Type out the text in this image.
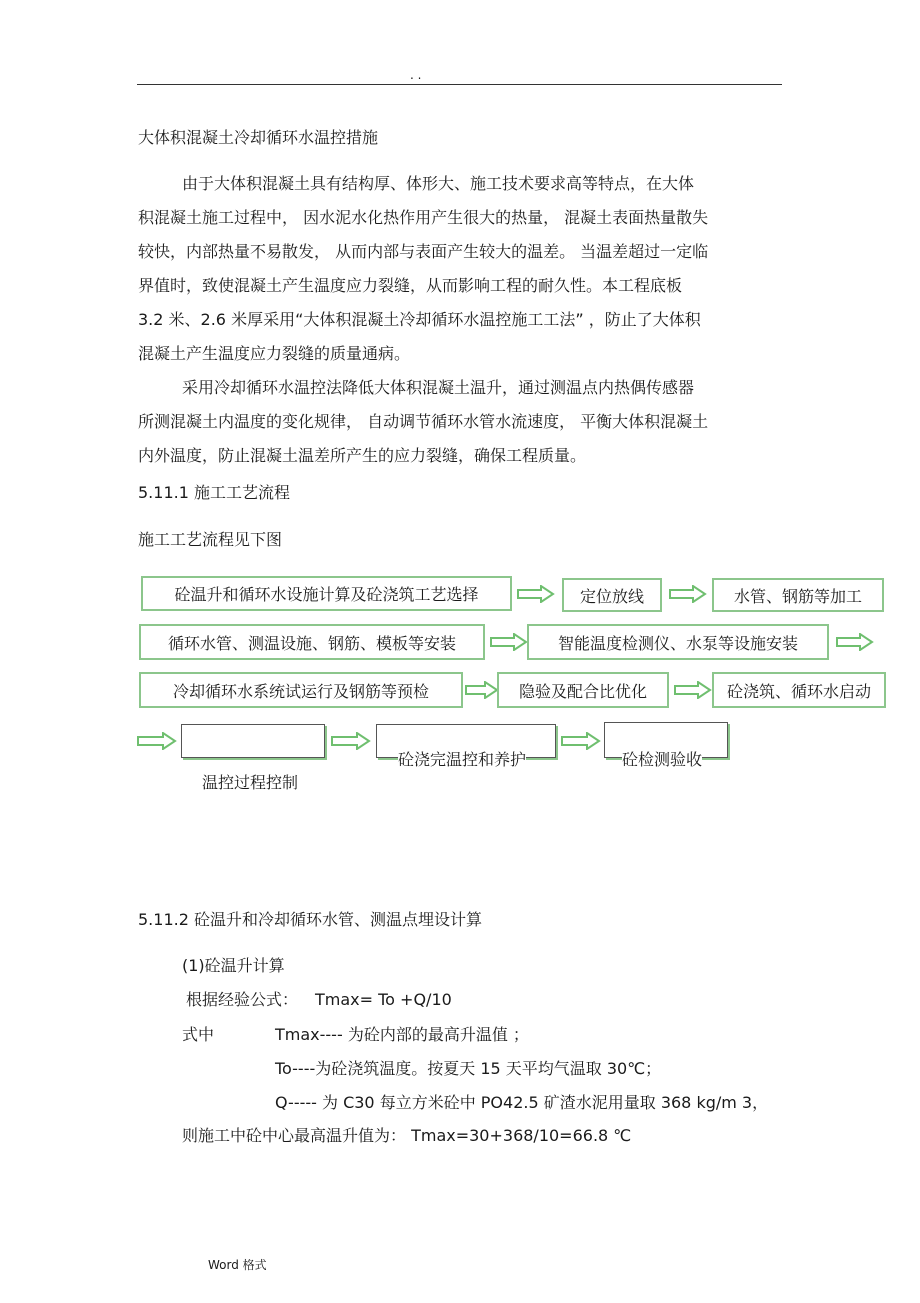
. .
大体积混凝土冷却循环水温控措施
由于大体积混凝土具有结构厚、体形大、施工技术要求高等特点，在大体
积混凝土施工过程中， 因水泥水化热作用产生很大的热量， 混凝土表面热量散失
较快，内部热量不易散发， 从而内部与表面产生较大的温差。 当温差超过一定临
界值时，致使混凝土产生温度应力裂缝，从而影响工程的耐久性。本工程底板
3.2 米、2.6 米厚采用“大体积混凝土冷却循环水温控施工工法” ，防止了大体积
混凝土产生温度应力裂缝的质量通病。
采用冷却循环水温控法降低大体积混凝土温升，通过测温点内热偶传感器
所测混凝土内温度的变化规律， 自动调节循环水管水流速度， 平衡大体积混凝土
内外温度，防止混凝土温差所产生的应力裂缝，确保工程质量。
5.11.1 施工工艺流程
施工工艺流程见下图
砼温升和循环水设施计算及砼浇筑工艺选择	定位放线	水管、钢筋等加工
循环水管、测温设施、钢筋、模板等安装	智能温度检测仪、水泵等设施安装
冷却循环水系统试运行及钢筋等预检	隐验及配合比优化	砼浇筑、循环水启动
温控过程控制
砼浇完温控和养护	砼检测验收
5.11.2 砼温升和冷却循环水管、测温点埋设计算
(1)砼温升计算
根据经验公式： Tmax= To +Q/10
式中	Tmax---- 为砼内部的最高升温值 ；
To----为砼浇筑温度。按夏天 15 天平均气温取 30℃；
Q----- 为 C30 每立方米砼中 PO42.5 矿渣水泥用量取 368 kg/m 3，
则施工中砼中心最高温升值为： Tmax=30+368/10=66.8 ℃
Word 格式
